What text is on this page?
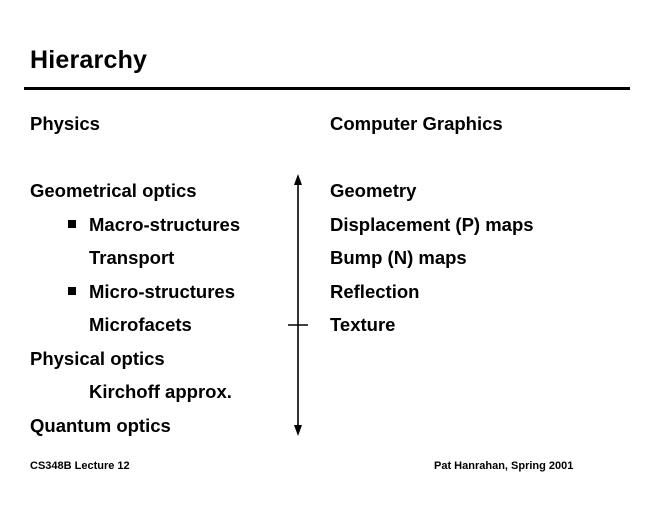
Hierarchy
Physics	Computer Graphics
Geometrical optics
Macro-structures
Transport
Micro-structures
Microfacets
Physical optics
Kirchoff approx.
Quantum optics
Geometry
Displacement (P) maps
Bump (N) maps
Reflection
Texture
CS348B Lecture 12	Pat Hanrahan, Spring 2001
